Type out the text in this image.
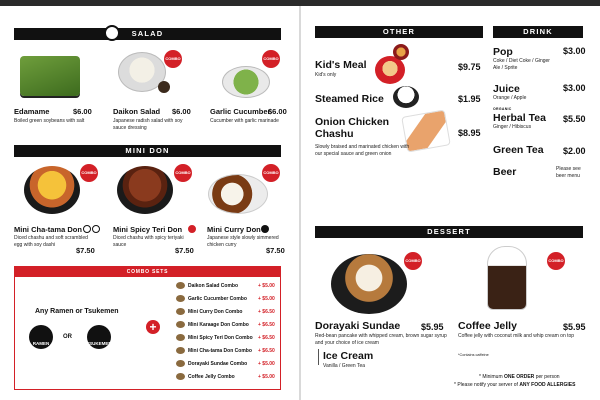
SALAD
Edamame	$6.00
Boiled green soybeans with salt
COMBO
Daikon Salad $6.00
Japanese radish salad with soy sauce dressing
COMBO
Garlic Cucumber
$6.00
Cucumber with garlic marinade
MINI DON
COMBO
Mini Cha-tama Don
Diced chashu and soft scrambled egg with soy dashi
$7.50
COMBO
Mini Spicy Teri Don
Diced chashu with spicy teriyaki sauce
$7.50
COMBO
Mini Curry Don
Japanese style slowly simmered chicken curry
$7.50
COMBO SETS
Any Ramen or Tsukemen
RAMEN
OR
TSUKEMEN
+
Daikon Salad Combo	+ $5.00
Garlic Cucumber Combo + $5.00
Mini Curry Don Combo	+ $6.50
Mini Karaage Don Combo + $6.50
Mini Spicy Teri Don Combo + $6.50
Mini Cha-tama Don Combo + $6.50
Dorayaki Sundae Combo + $5.00
Coffee Jelly Combo	+ $5.00
OTHER
Kid's Meal
Kid's only
$9.75
Steamed Rice	$1.95
Onion Chicken Chashu	$8.95
Slowly braised and marinated chicken with our special sauce and green onion
DRINK
Pop	$3.00
Coke / Diet Coke / Ginger Ale / Sprite
Juice	$3.00
Orange / Apple
ORGANIC
Herbal Tea $5.50
Ginger / Hibiscus
Green Tea $2.00
Beer	Please see beer menu
DESSERT
COMBO
Dorayaki Sundae $5.95
Red-bean pancake with whipped cream, brown sugar syrup and your choice of ice cream
COMBO
Coffee Jelly	$5.95
Coffee jelly with coconut milk and whip cream on top
*Contains caffeine
Ice Cream
Vanilla / Green Tea
* Minimum ONE ORDER per person
* Please notify your server of ANY FOOD ALLERGIES
